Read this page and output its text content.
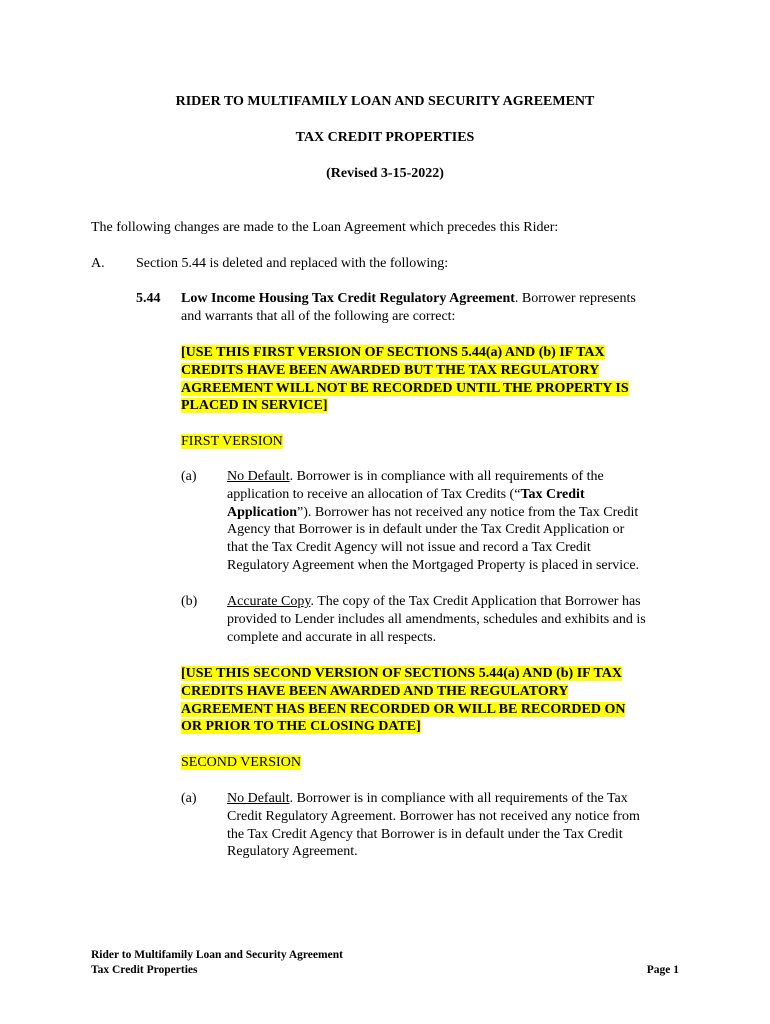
RIDER TO MULTIFAMILY LOAN AND SECURITY AGREEMENT
TAX CREDIT PROPERTIES
(Revised 3-15-2022)
The following changes are made to the Loan Agreement which precedes this Rider:
A. Section 5.44 is deleted and replaced with the following:
5.44 Low Income Housing Tax Credit Regulatory Agreement. Borrower represents
and warrants that all of the following are correct:
[USE THIS FIRST VERSION OF SECTIONS 5.44(a) AND (b) IF TAX
CREDITS HAVE BEEN AWARDED BUT THE TAX REGULATORY
AGREEMENT WILL NOT BE RECORDED UNTIL THE PROPERTY IS
PLACED IN SERVICE]
FIRST VERSION
(a) No Default. Borrower is in compliance with all requirements of the
application to receive an allocation of Tax Credits (“Tax Credit
Application”). Borrower has not received any notice from the Tax Credit
Agency that Borrower is in default under the Tax Credit Application or
that the Tax Credit Agency will not issue and record a Tax Credit
Regulatory Agreement when the Mortgaged Property is placed in service.
(b) Accurate Copy. The copy of the Tax Credit Application that Borrower has
provided to Lender includes all amendments, schedules and exhibits and is
complete and accurate in all respects.
[USE THIS SECOND VERSION OF SECTIONS 5.44(a) AND (b) IF TAX
CREDITS HAVE BEEN AWARDED AND THE REGULATORY
AGREEMENT HAS BEEN RECORDED OR WILL BE RECORDED ON
OR PRIOR TO THE CLOSING DATE]
SECOND VERSION
(a) No Default. Borrower is in compliance with all requirements of the Tax
Credit Regulatory Agreement. Borrower has not received any notice from
the Tax Credit Agency that Borrower is in default under the Tax Credit
Regulatory Agreement.
Rider to Multifamily Loan and Security Agreement
Tax Credit Properties	Page 1
